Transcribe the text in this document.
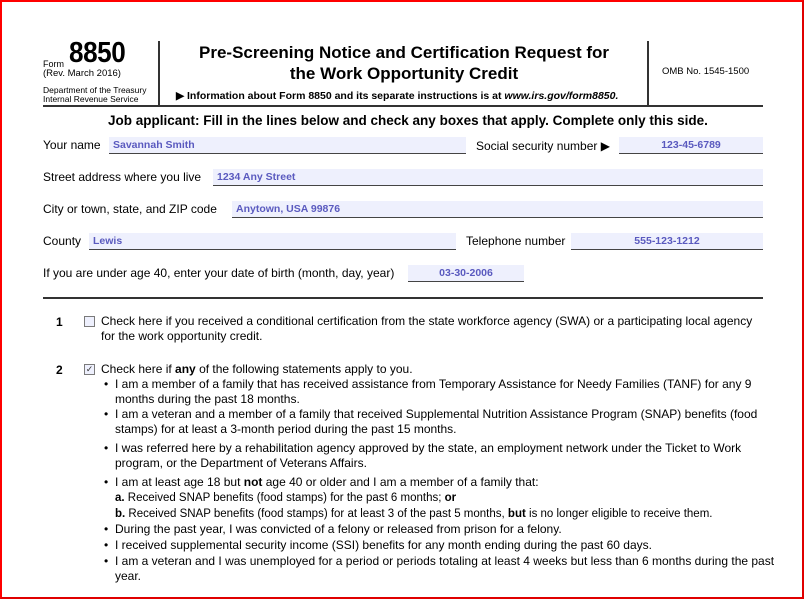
Form 8850
(Rev. March 2016)
Department of the Treasury
Internal Revenue Service
Pre-Screening Notice and Certification Request for
the Work Opportunity Credit
▶ Information about Form 8850 and its separate instructions is at www.irs.gov/form8850.
OMB No. 1545-1500
Job applicant: Fill in the lines below and check any boxes that apply. Complete only this side.
Your name	Savannah Smith	Social security number ▶	123-45-6789
Street address where you live	1234 Any Street
City or town, state, and ZIP code	Anytown, USA 99876
County	Lewis	Telephone number	555-123-1212
If you are under age 40, enter your date of birth (month, day, year)	03-30-2006
1	Check here if you received a conditional certification from the state workforce agency (SWA) or a participating local agency
for the work opportunity credit.
2	✓ Check here if any of the following statements apply to you.
• I am a member of a family that has received assistance from Temporary Assistance for Needy Families (TANF) for any 9 months during the past 18 months.
• I am a veteran and a member of a family that received Supplemental Nutrition Assistance Program (SNAP) benefits (food stamps) for at least a 3-month period during the past 15 months.
• I was referred here by a rehabilitation agency approved by the state, an employment network under the Ticket to Work program, or the Department of Veterans Affairs.
• I am at least age 18 but not age 40 or older and I am a member of a family that:
a. Received SNAP benefits (food stamps) for the past 6 months; or
b. Received SNAP benefits (food stamps) for at least 3 of the past 5 months, but is no longer eligible to receive them.
• During the past year, I was convicted of a felony or released from prison for a felony.
• I received supplemental security income (SSI) benefits for any month ending during the past 60 days.
• I am a veteran and I was unemployed for a period or periods totaling at least 4 weeks but less than 6 months during the past year.
